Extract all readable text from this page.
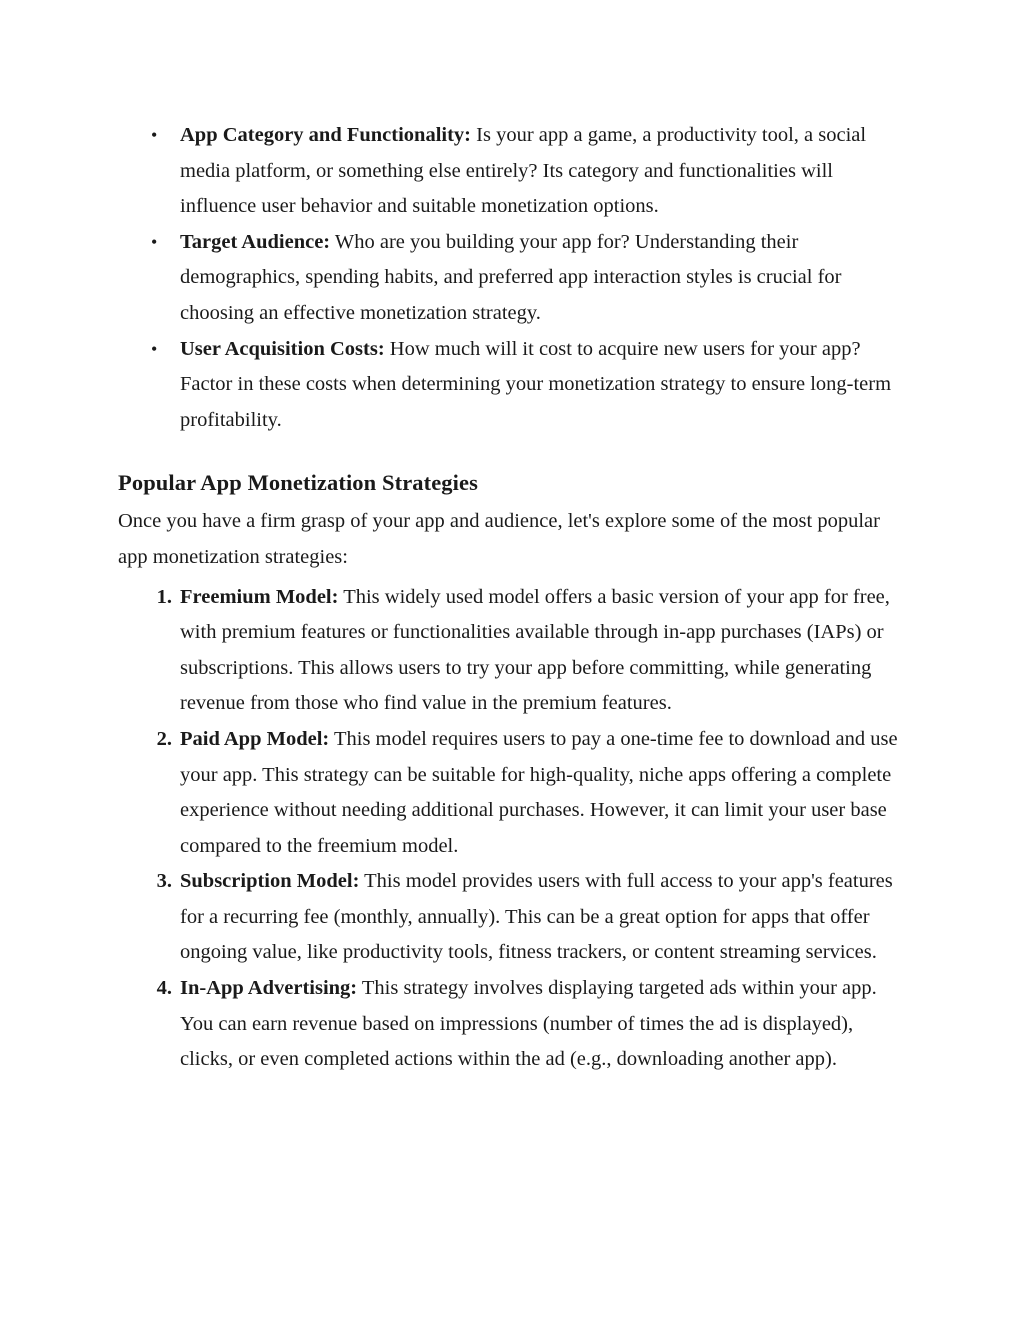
• App Category and Functionality: Is your app a game, a productivity tool, a social media platform, or something else entirely? Its category and functionalities will influence user behavior and suitable monetization options.
• Target Audience: Who are you building your app for? Understanding their demographics, spending habits, and preferred app interaction styles is crucial for choosing an effective monetization strategy.
• User Acquisition Costs: How much will it cost to acquire new users for your app? Factor in these costs when determining your monetization strategy to ensure long-term profitability.
Popular App Monetization Strategies

Once you have a firm grasp of your app and audience, let's explore some of the most popular app monetization strategies:

1. Freemium Model: This widely used model offers a basic version of your app for free, with premium features or functionalities available through in-app purchases (IAPs) or subscriptions. This allows users to try your app before committing, while generating revenue from those who find value in the premium features.
2. Paid App Model: This model requires users to pay a one-time fee to download and use your app. This strategy can be suitable for high-quality, niche apps offering a complete experience without needing additional purchases. However, it can limit your user base compared to the freemium model.
3. Subscription Model: This model provides users with full access to your app's features for a recurring fee (monthly, annually). This can be a great option for apps that offer ongoing value, like productivity tools, fitness trackers, or content streaming services.
4. In-App Advertising: This strategy involves displaying targeted ads within your app. You can earn revenue based on impressions (number of times the ad is displayed), clicks, or even completed actions within the ad (e.g., downloading another app).
